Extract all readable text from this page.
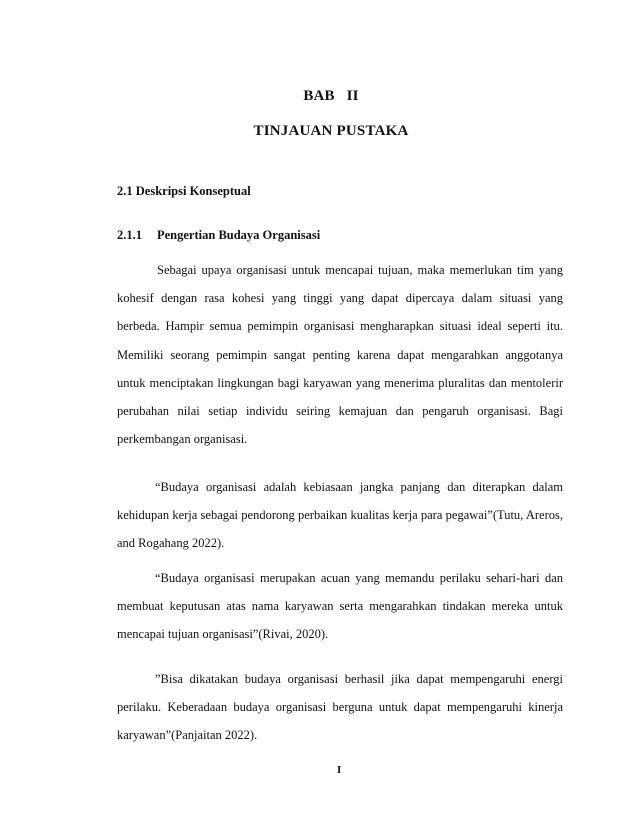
BAB   II
TINJAUAN PUSTAKA
2.1 Deskripsi Konseptual
2.1.1 Pengertian Budaya Organisasi

Sebagai upaya organisasi untuk mencapai tujuan, maka memerlukan tim yang kohesif dengan rasa kohesi yang tinggi yang dapat dipercaya dalam situasi yang berbeda. Hampir semua pemimpin organisasi mengharapkan situasi ideal seperti itu. Memiliki seorang pemimpin sangat penting karena dapat mengarahkan anggotanya untuk menciptakan lingkungan bagi karyawan yang menerima pluralitas dan mentolerir perubahan nilai setiap individu seiring kemajuan dan pengaruh organisasi. Bagi perkembangan organisasi.

“Budaya organisasi adalah kebiasaan jangka panjang dan diterapkan dalam kehidupan kerja sebagai pendorong perbaikan kualitas kerja para pegawai”(Tutu, Areros, and Rogahang 2022).

“Budaya organisasi merupakan acuan yang memandu perilaku sehari-hari dan membuat keputusan atas nama karyawan serta mengarahkan tindakan mereka untuk mencapai tujuan organisasi”(Rivai, 2020).

”Bisa dikatakan budaya organisasi berhasil jika dapat mempengaruhi energi perilaku. Keberadaan budaya organisasi berguna untuk dapat mempengaruhi kinerja karyawan”(Panjaitan 2022).

I
